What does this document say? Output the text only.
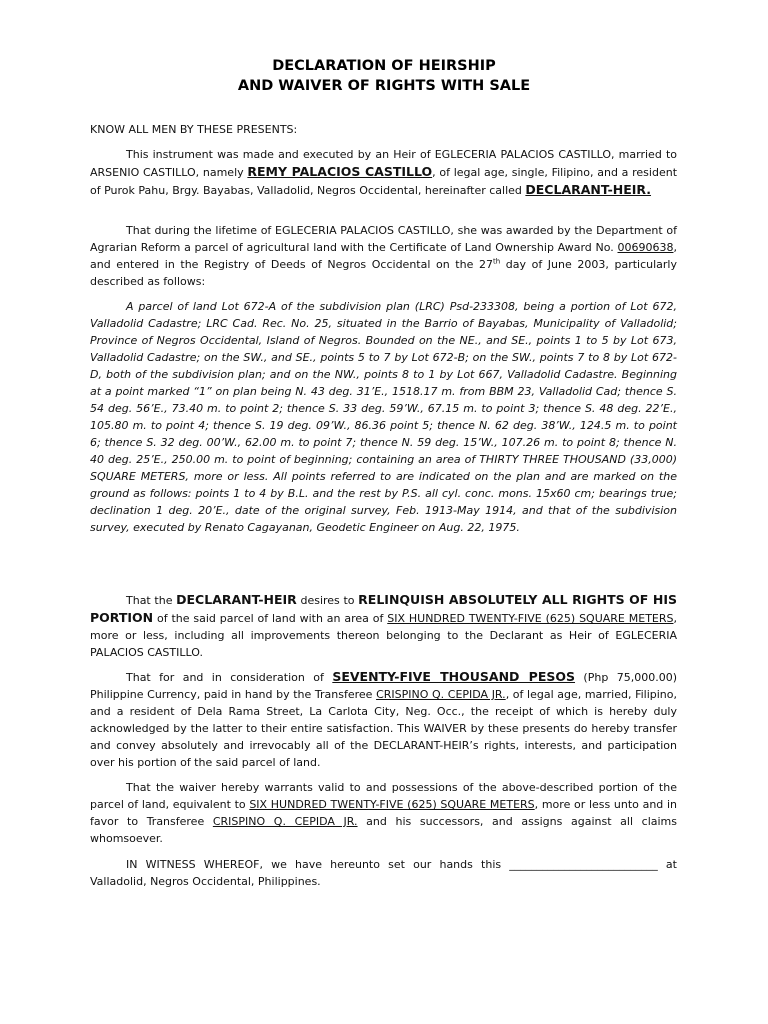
DECLARATION OF HEIRSHIP
AND WAIVER OF RIGHTS WITH SALE
KNOW ALL MEN BY THESE PRESENTS:
This instrument was made and executed by an Heir of EGLECERIA PALACIOS CASTILLO, married to ARSENIO CASTILLO, namely REMY PALACIOS CASTILLO, of legal age, single, Filipino, and a resident of Purok Pahu, Brgy. Bayabas, Valladolid, Negros Occidental, hereinafter called DECLARANT-HEIR.
That during the lifetime of EGLECERIA PALACIOS CASTILLO, she was awarded by the Department of Agrarian Reform a parcel of agricultural land with the Certificate of Land Ownership Award No. 00690638, and entered in the Registry of Deeds of Negros Occidental on the 27th day of June 2003, particularly described as follows:
A parcel of land Lot 672-A of the subdivision plan (LRC) Psd-233308, being a portion of Lot 672, Valladolid Cadastre; LRC Cad. Rec. No. 25, situated in the Barrio of Bayabas, Municipality of Valladolid; Province of Negros Occidental, Island of Negros. Bounded on the NE., and SE., points 1 to 5 by Lot 673, Valladolid Cadastre; on the SW., and SE., points 5 to 7 by Lot 672-B; on the SW., points 7 to 8 by Lot 672-D, both of the subdivision plan; and on the NW., points 8 to 1 by Lot 667, Valladolid Cadastre. Beginning at a point marked “1” on plan being N. 43 deg. 31’E., 1518.17 m. from BBM 23, Valladolid Cad; thence S. 54 deg. 56’E., 73.40 m. to point 2; thence S. 33 deg. 59’W., 67.15 m. to point 3; thence S. 48 deg. 22’E., 105.80 m. to point 4; thence S. 19 deg. 09’W., 86.36 point 5; thence N. 62 deg. 38’W., 124.5 m. to point 6; thence S. 32 deg. 00’W., 62.00 m. to point 7; thence N. 59 deg. 15’W., 107.26 m. to point 8; thence N. 40 deg. 25’E., 250.00 m. to point of beginning; containing an area of THIRTY THREE THOUSAND (33,000) SQUARE METERS, more or less. All points referred to are indicated on the plan and are marked on the ground as follows: points 1 to 4 by B.L. and the rest by P.S. all cyl. conc. mons. 15x60 cm; bearings true; declination 1 deg. 20’E., date of the original survey, Feb. 1913-May 1914, and that of the subdivision survey, executed by Renato Cagayanan, Geodetic Engineer on Aug. 22, 1975.
That the DECLARANT-HEIR desires to RELINQUISH ABSOLUTELY ALL RIGHTS OF HIS PORTION of the said parcel of land with an area of SIX HUNDRED TWENTY-FIVE (625) SQUARE METERS, more or less, including all improvements thereon belonging to the Declarant as Heir of EGLECERIA PALACIOS CASTILLO.
That for and in consideration of SEVENTY-FIVE THOUSAND PESOS (Php 75,000.00) Philippine Currency, paid in hand by the Transferee CRISPINO Q. CEPIDA JR., of legal age, married, Filipino, and a resident of Dela Rama Street, La Carlota City, Neg. Occ., the receipt of which is hereby duly acknowledged by the latter to their entire satisfaction. This WAIVER by these presents do hereby transfer and convey absolutely and irrevocably all of the DECLARANT-HEIR’s rights, interests, and participation over his portion of the said parcel of land.
That the waiver hereby warrants valid to and possessions of the above-described portion of the parcel of land, equivalent to SIX HUNDRED TWENTY-FIVE (625) SQUARE METERS, more or less unto and in favor to Transferee CRISPINO Q. CEPIDA JR. and his successors, and assigns against all claims whomsoever.
IN WITNESS WHEREOF, we have hereunto set our hands this ___________________________ at Valladolid, Negros Occidental, Philippines.
